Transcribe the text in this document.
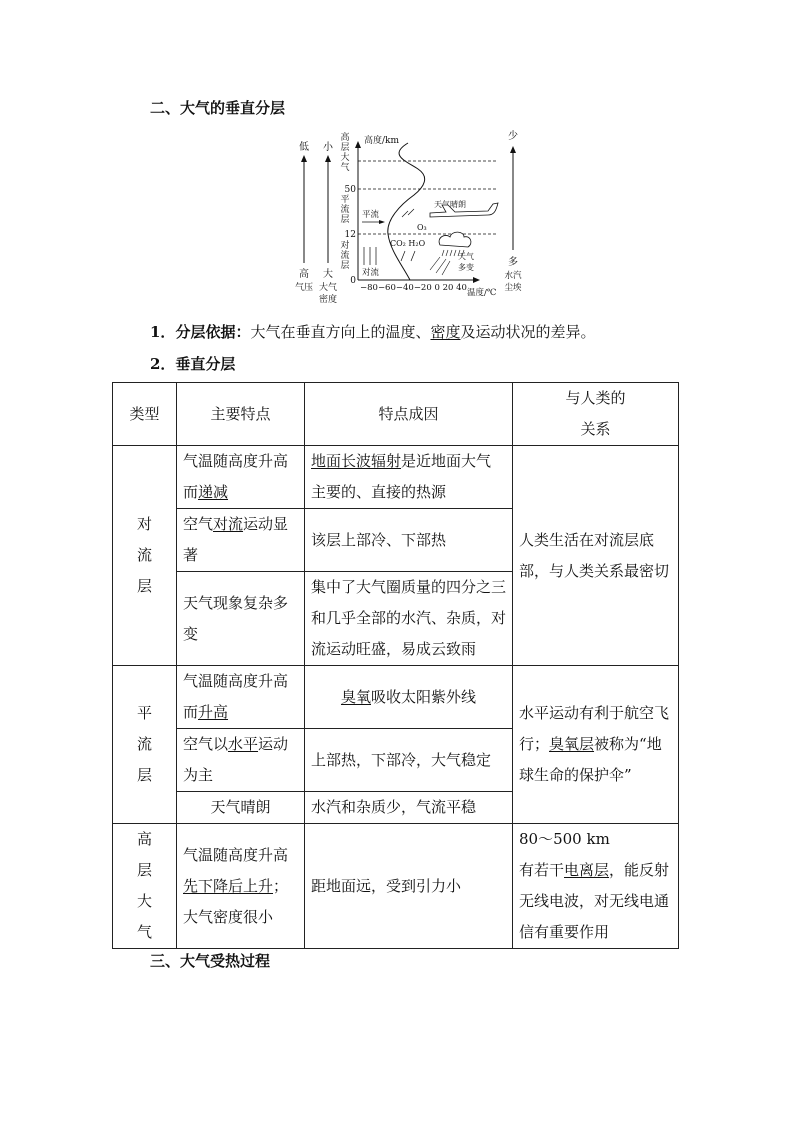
二、大气的垂直分层
低
高
气压
小
大
大气
密度
高
层
大
气
平
流
层
对
流
层
50
12
0
高度/km
−80−60−40−20 0 20 40 温度/℃
平流
对流
O₃
CO₂ H₂O
天气晴朗
天气
多变
少
多
水汽
尘埃
1．分层依据：大气在垂直方向上的温度、密度及运动状况的差异。
2．垂直分层
类型	主要特点	特点成因	与人类的
关系

对
流
层	气温随高度升高而递减	地面长波辐射是近地面大气主要的、直接的热源	人类生活在对流层底部，与人类关系最密切
	空气对流运动显著	该层上部冷、下部热	
	天气现象复杂多变	集中了大气圈质量的四分之三和几乎全部的水汽、杂质，对流运动旺盛，易成云致雨	

平
流
层	气温随高度升高而升高	臭氧吸收太阳紫外线	水平运动有利于航空飞行；臭氧层被称为“地球生命的保护伞”
	空气以水平运动为主	上部热，下部冷，大气稳定	
	天气晴朗	水汽和杂质少，气流平稳	

高
层
大
气	气温随高度升高先下降后上升；大气密度很小	距地面远，受到引力小	80～500 km
有若干电离层，能反射无线电波，对无线电通信有重要作用
三、大气受热过程
